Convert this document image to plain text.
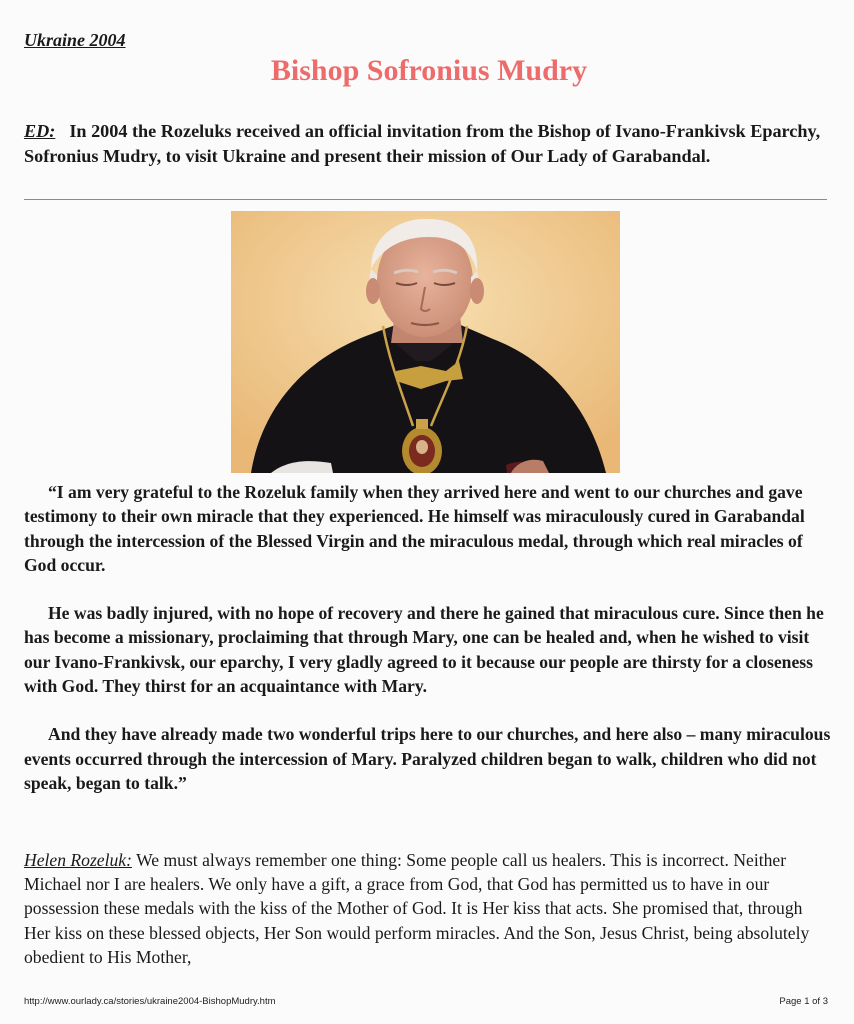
Ukraine 2004
Bishop Sofronius Mudry
ED: In 2004 the Rozeluks received an official invitation from the Bishop of Ivano-Frankivsk Eparchy, Sofronius Mudry, to visit Ukraine and present their mission of Our Lady of Garabandal.

“I am very grateful to the Rozeluk family when they arrived here and went to our churches and gave testimony to their own miracle that they experienced. He himself was miraculously cured in Garabandal through the intercession of the Blessed Virgin and the miraculous medal, through which real miracles of God occur.

He was badly injured, with no hope of recovery and there he gained that miraculous cure. Since then he has become a missionary, proclaiming that through Mary, one can be healed and, when he wished to visit our Ivano-Frankivsk, our eparchy, I very gladly agreed to it because our people are thirsty for a closeness with God. They thirst for an acquaintance with Mary.

And they have already made two wonderful trips here to our churches, and here also – many miraculous events occurred through the intercession of Mary. Paralyzed children began to walk, children who did not speak, began to talk.”

Helen Rozeluk: We must always remember one thing: Some people call us healers. This is incorrect. Neither Michael nor I are healers. We only have a gift, a grace from God, that God has permitted us to have in our possession these medals with the kiss of the Mother of God. It is Her kiss that acts. She promised that, through Her kiss on these blessed objects, Her Son would perform miracles. And the Son, Jesus Christ, being absolutely obedient to His Mother,
http://www.ourlady.ca/stories/ukraine2004-BishopMudry.htm	Page 1 of 3
